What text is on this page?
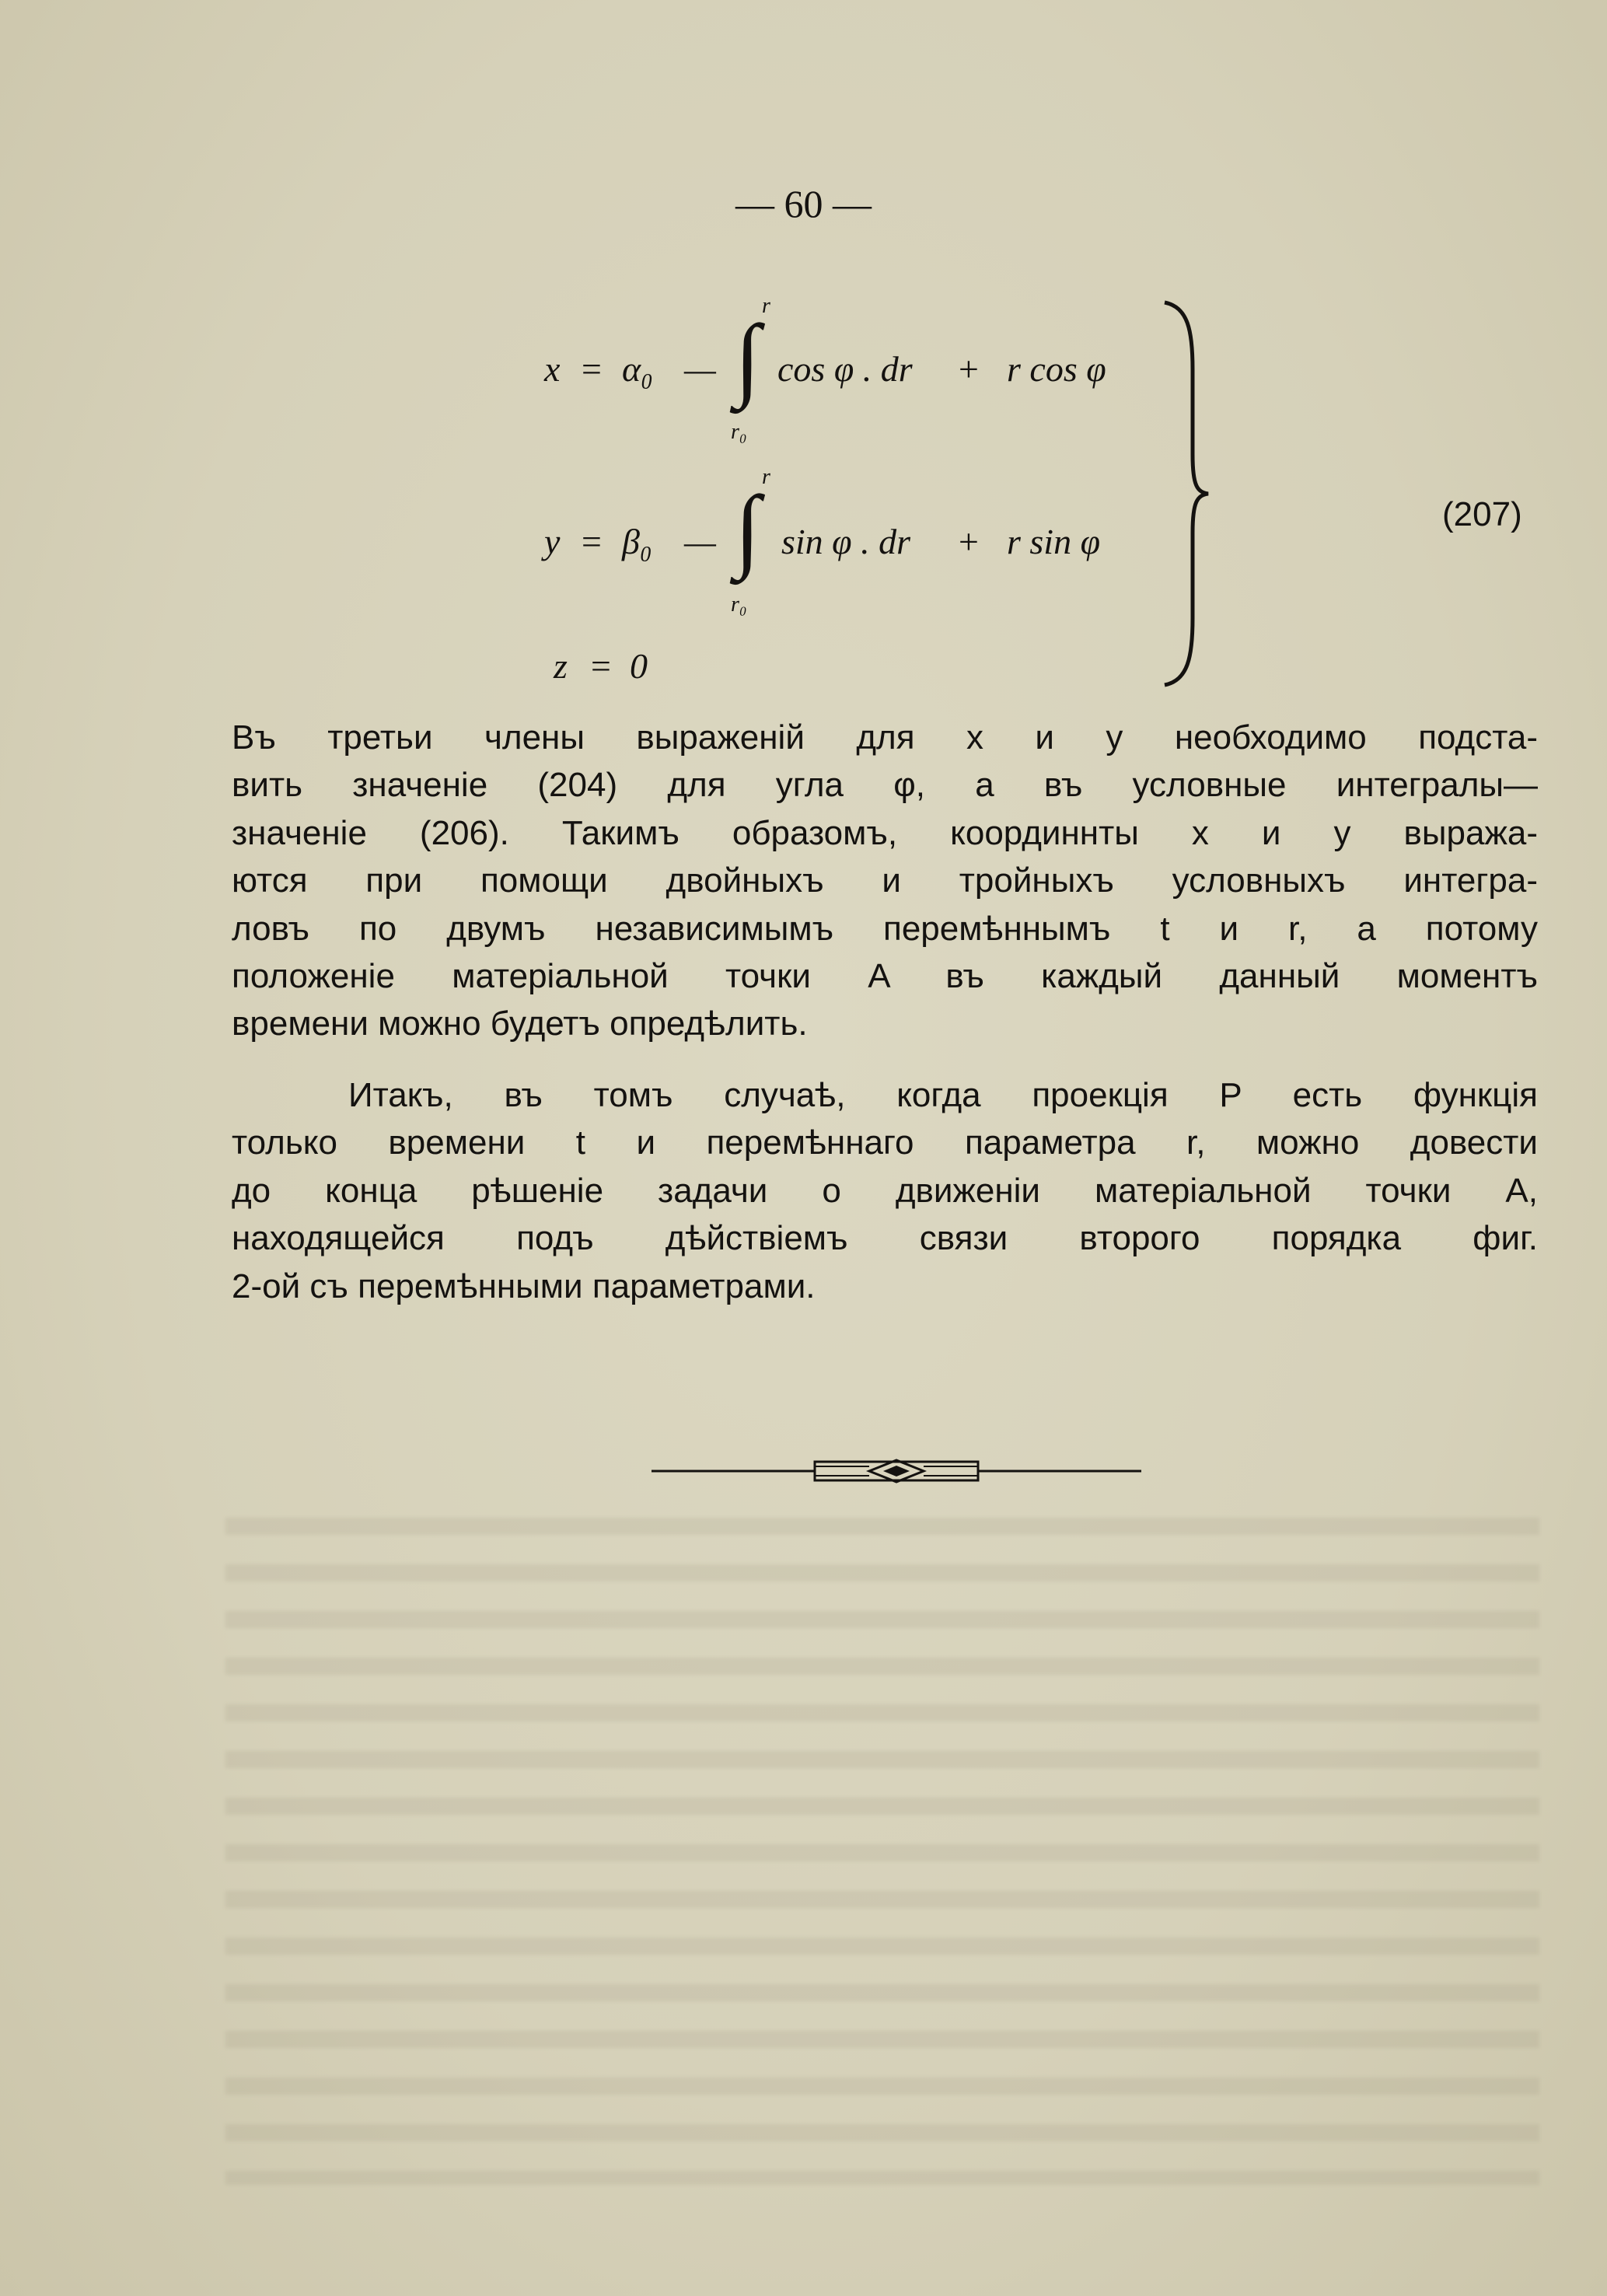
— 60 —
x = α₀ —
r
∫
r₀
cos φ . dr + r cos φ
y = β₀ —
r
∫
r₀
sin φ . dr + r sin φ
z = 0
(207)
Въ третьи члены выраженій для x и y необходимо подста-
вить значеніе (204) для угла φ, а въ условные интегралы—
значеніе (206). Такимъ образомъ, координнты x и y выража-
ются при помощи двойныхъ и тройныхъ условныхъ интегра-
ловъ по двумъ независимымъ перемѣннымъ t и r, а потому
положеніе матеріальной точки A въ каждый данный моментъ
времени можно будетъ опредѣлить.
Итакъ, въ томъ случаѣ, когда проекція P есть функція
только времени t и перемѣннаго параметра r, можно довести
до конца рѣшеніе задачи о движеніи матеріальной точки A,
находящейся подъ дѣйствіемъ связи второго порядка фиг.
2-ой съ перемѣнными параметрами.
